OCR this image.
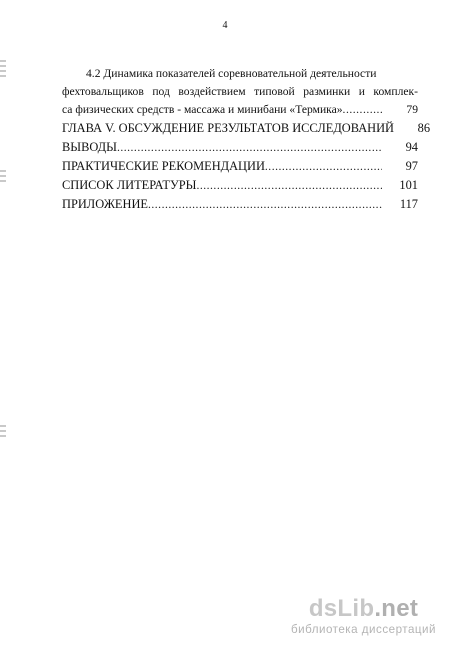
4
4.2 Динамика показателей соревновательной деятельности
фехтовальщиков под воздействием типовой разминки и комплек-
са физических средств - массажа и минибани «Термика» .....	79
ГЛАВА V. ОБСУЖДЕНИЕ РЕЗУЛЬТАТОВ ИССЛЕДОВАНИЙ	86
ВЫВОДЫ .....	94
ПРАКТИЧЕСКИЕ РЕКОМЕНДАЦИИ .....	97
СПИСОК ЛИТЕРАТУРЫ .....	101
ПРИЛОЖЕНИЕ .....	117
dsLib.net
библиотека диссертаций
